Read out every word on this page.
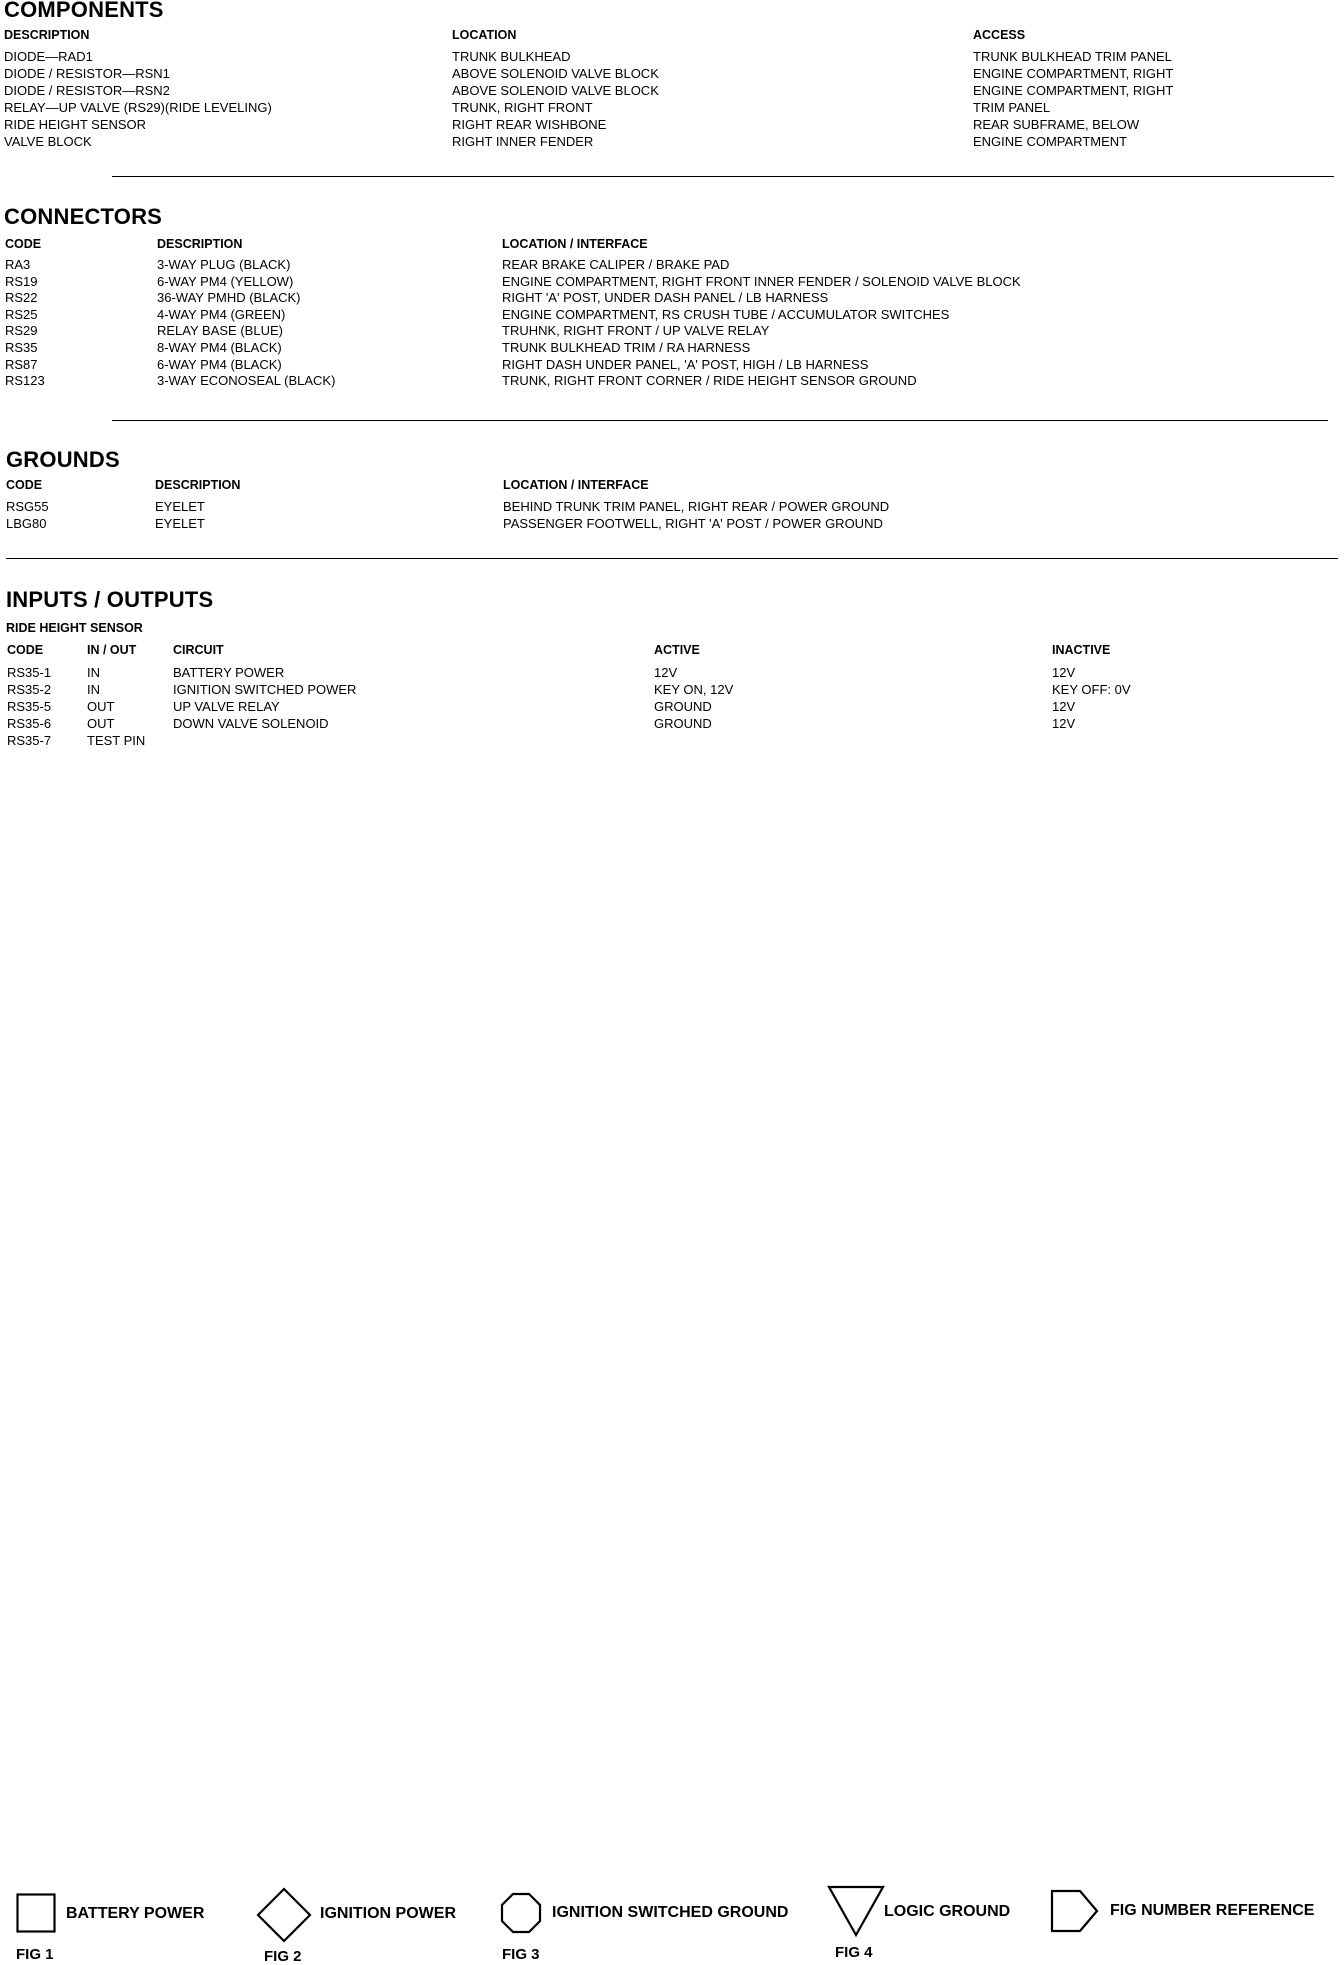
COMPONENTS
DESCRIPTION	LOCATION	ACCESS
DIODE—RAD1	TRUNK BULKHEAD	TRUNK BULKHEAD TRIM PANEL
DIODE / RESISTOR—RSN1	ABOVE SOLENOID VALVE BLOCK	ENGINE COMPARTMENT, RIGHT
DIODE / RESISTOR—RSN2	ABOVE SOLENOID VALVE BLOCK	ENGINE COMPARTMENT, RIGHT
RELAY—UP VALVE (RS29)(RIDE LEVELING)	TRUNK, RIGHT FRONT	TRIM PANEL
RIDE HEIGHT SENSOR	RIGHT REAR WISHBONE	REAR SUBFRAME, BELOW
VALVE BLOCK	RIGHT INNER FENDER	ENGINE COMPARTMENT
CONNECTORS
CODE	DESCRIPTION	LOCATION / INTERFACE
RA3	3-WAY PLUG (BLACK)	REAR BRAKE CALIPER / BRAKE PAD
RS19	6-WAY PM4 (YELLOW)	ENGINE COMPARTMENT, RIGHT FRONT INNER FENDER / SOLENOID VALVE BLOCK
RS22	36-WAY PMHD (BLACK)	RIGHT 'A' POST, UNDER DASH PANEL / LB HARNESS
RS25	4-WAY PM4 (GREEN)	ENGINE COMPARTMENT, RS CRUSH TUBE / ACCUMULATOR SWITCHES
RS29	RELAY BASE (BLUE)	TRUHNK, RIGHT FRONT / UP VALVE RELAY
RS35	8-WAY PM4 (BLACK)	TRUNK BULKHEAD TRIM / RA HARNESS
RS87	6-WAY PM4 (BLACK)	RIGHT DASH UNDER PANEL, 'A' POST, HIGH / LB HARNESS
RS123	3-WAY ECONOSEAL (BLACK)	TRUNK, RIGHT FRONT CORNER / RIDE HEIGHT SENSOR GROUND
GROUNDS
CODE	DESCRIPTION	LOCATION / INTERFACE
RSG55	EYELET	BEHIND TRUNK TRIM PANEL, RIGHT REAR / POWER GROUND
LBG80	EYELET	PASSENGER FOOTWELL, RIGHT 'A' POST / POWER GROUND
INPUTS / OUTPUTS
RIDE HEIGHT SENSOR
CODE	IN / OUT	CIRCUIT	ACTIVE	INACTIVE
RS35-1	IN	BATTERY POWER	12V	12V
RS35-2	IN	IGNITION SWITCHED POWER	KEY ON, 12V	KEY OFF: 0V
RS35-5	OUT	UP VALVE RELAY	GROUND	12V
RS35-6	OUT	DOWN VALVE SOLENOID	GROUND	12V
RS35-7	TEST PIN
BATTERY POWER
FIG 1
IGNITION POWER
FIG 2
IGNITION SWITCHED GROUND
FIG 3
LOGIC GROUND
FIG 4
FIG NUMBER REFERENCE
